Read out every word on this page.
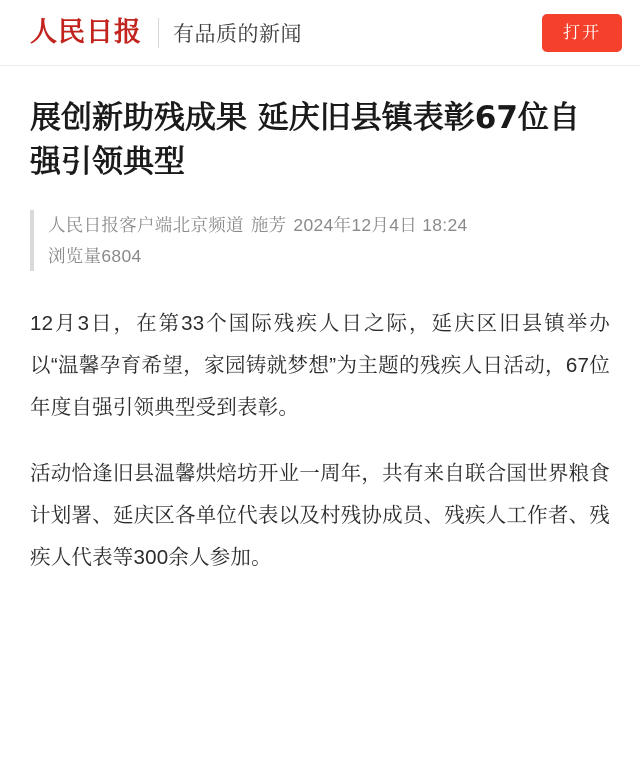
人民日报 有品质的新闻	打开
展创新助残成果 延庆旧县镇表彰67位自强引领典型
人民日报客户端北京频道 施芳 2024年12月4日 18:24
浏览量6804

12月3日，在第33个国际残疾人日之际，延庆区旧县镇举办以“温馨孕育希望，家园铸就梦想”为主题的残疾人日活动，67位年度自强引领典型受到表彰。

活动恰逢旧县温馨烘焙坊开业一周年，共有来自联合国世界粮食计划署、延庆区各单位代表以及村残协成员、残疾人工作者、残疾人代表等300余人参加。
